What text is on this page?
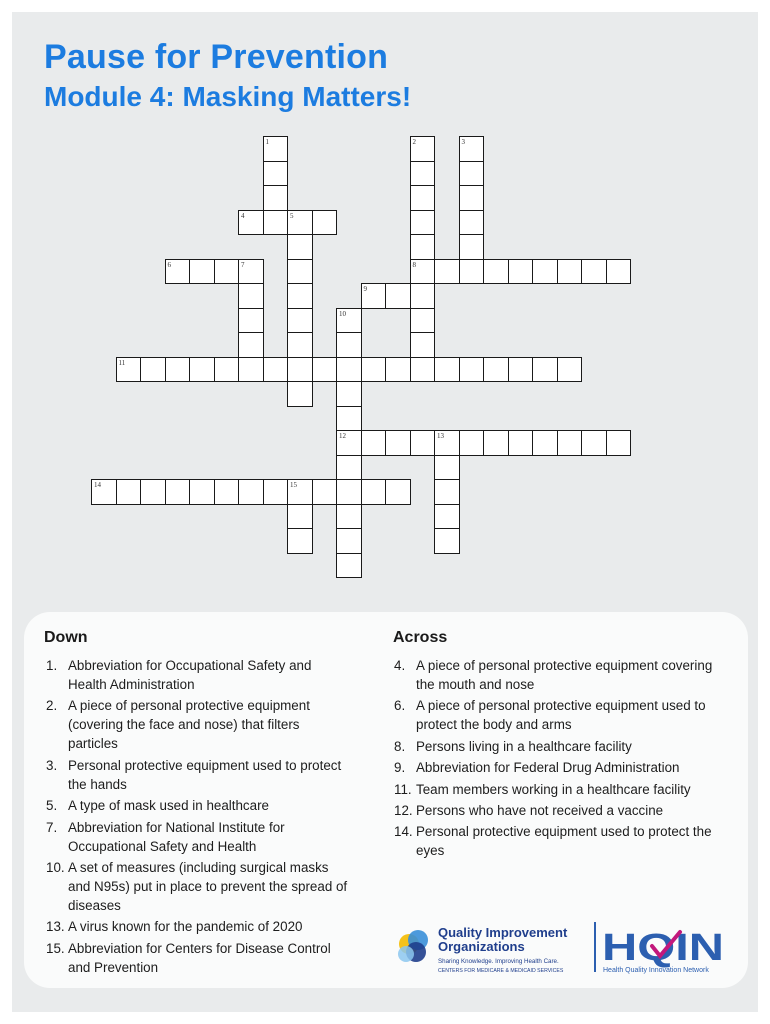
Pause for Prevention
Module 4: Masking Matters!
1	2	3
4	5
6	7	8
9
10
11
12	13
14	15
Down	Across
1. Abbreviation for Occupational Safety and Health Administration
2. A piece of personal protective equipment (covering the face and nose) that filters particles
3. Personal protective equipment used to protect the hands
5. A type of mask used in healthcare
7. Abbreviation for National Institute for Occupational Safety and Health
10. A set of measures (including surgical masks and N95s) put in place to prevent the spread of diseases
13. A virus known for the pandemic of 2020
15. Abbreviation for Centers for Disease Control and Prevention
4. A piece of personal protective equipment covering the mouth and nose
6. A piece of personal protective equipment used to protect the body and arms
8. Persons living in a healthcare facility
9. Abbreviation for Federal Drug Administration
11. Team members working in a healthcare facility
12. Persons who have not received a vaccine
14. Personal protective equipment used to protect the eyes
Quality Improvement
Organizations
Sharing Knowledge. Improving Health Care.
CENTERS FOR MEDICARE & MEDICAID SERVICES
HQIN
Health Quality Innovation Network
